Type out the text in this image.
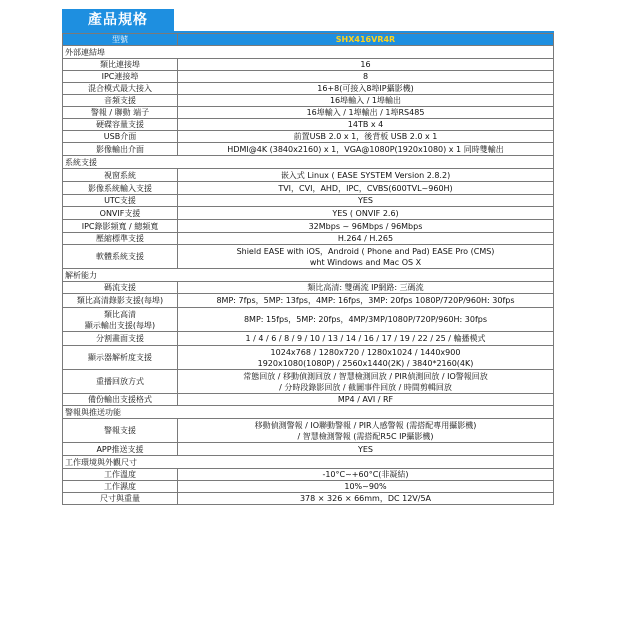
產品規格
型號	SHX416VR4R
外部連結埠	
類比連接埠	16

IPC連接埠	8

混合模式最大接入	16+8(可接入8埠IP攝影機)

音頻支援	16埠輸入 / 1埠輸出

警報 / 聯動 端子	16埠輸入 / 1埠輸出 / 1埠RS485

硬碟容量支援	14TB x 4

USB介面	前置USB 2.0 x 1，後背板 USB 2.0 x 1

影像輸出介面	HDMI@4K (3840x2160) x 1，VGA@1080P(1920x1080) x 1 同時雙輸出

系統支援	
視窗系統	嵌入式 Linux ( EASE SYSTEM Version 2.8.2)

影像系統輸入支援	TVI，CVI，AHD，IPC，CVBS(600TVL~960H)

UTC支援	YES

ONVIF支援	YES ( ONVIF 2.6)

IPC錄影頻寬 / 總頻寬	32Mbps ~ 96Mbps / 96Mbps

壓縮標準支援	H.264 / H.265

軟體系統支援	Shield EASE with iOS，Android ( Phone and Pad) EASE Pro (CMS)
wht Windows and Mac OS X

解析能力	
碼流支援	類比高清: 雙碼流 IP網路: 三碼流

類比高清錄影支援(每埠)	8MP: 7fps，5MP: 13fps，4MP: 16fps，3MP: 20fps 1080P/720P/960H: 30fps

類比高清
顯示輸出支援(每埠)	8MP: 15fps，5MP: 20fps，4MP/3MP/1080P/720P/960H: 30fps

分割畫面支援	1 / 4 / 6 / 8 / 9 / 10 / 13 / 14 / 16 / 17 / 19 / 22 / 25 / 輪播模式

顯示器解析度支援	1024x768 / 1280x720 / 1280x1024 / 1440x900
1920x1080(1080P) / 2560x1440(2K) / 3840*2160(4K)

重播回放方式	常態回放 / 移動偵測回放 / 智慧檢測回放 / PIR偵測回放 / IO警報回放
/ 分時段錄影回放 / 截圖事件回放 / 時間剪輯回放

備份輸出支援格式	MP4 / AVI / RF

警報與推送功能	
警報支援	移動偵測警報 / IO聯動警報 / PIR人感警報 (需搭配專用攝影機)
/ 智慧檢測警報 (需搭配R5C IP攝影機)

APP推送支援	YES

工作環境與外觀尺寸	
工作溫度	-10°C~+60°C(非凝結)

工作濕度	10%~90%

尺寸與重量	378 × 326 × 66mm，DC 12V/5A
